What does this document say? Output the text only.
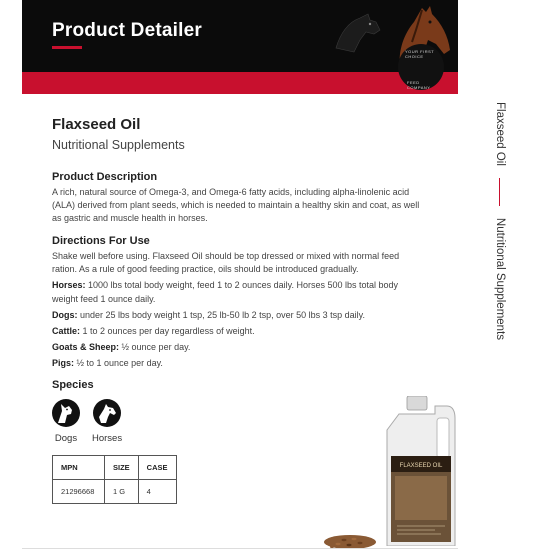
Product Detailer
YOUR FIRST CHOICE
FEED COMPANY
Flaxseed Oil
Nutritional Supplements
Flaxseed Oil
Nutritional Supplements
Product Description
A rich, natural source of Omega-3, and Omega-6 fatty acids, including alpha-linolenic acid
(ALA) derived from plant seeds, which is needed to maintain a healthy skin and coat, as well
as gastric and muscle health in horses.
Directions For Use
Shake well before using. Flaxseed Oil should be top dressed or mixed with normal feed
ration. As a rule of good feeding practice, oils should be introduced gradually.
Horses: 1000 lbs total body weight, feed 1 to 2 ounces daily. Horses 500 lbs total body
weight feed 1 ounce daily.
Dogs: under 25 lbs body weight 1 tsp, 25 lb-50 lb 2 tsp, over 50 lbs 3 tsp daily.
Cattle: 1 to 2 ounces per day regardless of weight.
Goats & Sheep: ½ ounce per day.
Pigs: ½ to 1 ounce per day.
Species
Dogs	Horses
MPN	SIZE	CASE
21296668	1 G	4
FLAXSEED OIL
